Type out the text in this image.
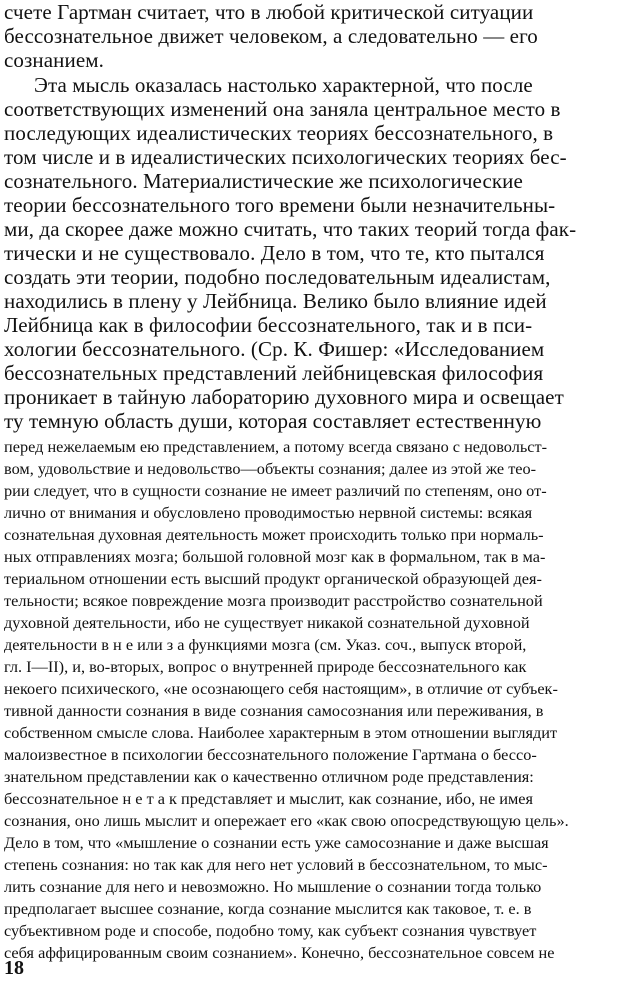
счете Гартман считает, что в любой критической ситуации
бессознательное движет человеком, а следовательно — его
сознанием.
Эта мысль оказалась настолько характерной, что после
соответствующих изменений она заняла центральное место в
последующих идеалистических теориях бессознательного, в
том числе и в идеалистических психологических теориях бес-
сознательного. Материалистические же психологические
теории бессознательного того времени были незначительны-
ми, да скорее даже можно считать, что таких теорий тогда фак-
тически и не существовало. Дело в том, что те, кто пытался
создать эти теории, подобно последовательным идеалистам,
находились в плену у Лейбница. Велико было влияние идей
Лейбница как в философии бессознательного, так и в пси-
хологии бессознательного. (Ср. К. Фишер: «Исследованием
бессознательных представлений лейбницевская философия
проникает в тайную лабораторию духовного мира и освещает
ту темную область души, которая составляет естественную
перед нежелаемым ею представлением, а потому всегда связано с недовольст-
вом, удовольствие и недовольство—объекты сознания; далее из этой же тео-
рии следует, что в сущности сознание не имеет различий по степеням, оно от-
лично от внимания и обусловлено проводимостью нервной системы: всякая
сознательная духовная деятельность может происходить только при нормаль-
ных отправлениях мозга; большой головной мозг как в формальном, так в ма-
териальном отношении есть высший продукт органической образующей дея-
тельности; всякое повреждение мозга производит расстройство сознательной
духовной деятельности, ибо не существует никакой сознательной духовной
деятельности в н е или з а функциями мозга (см. Указ. соч., выпуск второй,
гл. I—II), и, во-вторых, вопрос о внутренней природе бессознательного как
некоего психического, «не осознающего себя настоящим», в отличие от субъек-
тивной данности сознания в виде сознания самосознания или переживания, в
собственном смысле слова. Наиболее характерным в этом отношении выглядит
малоизвестное в психологии бессознательного положение Гартмана о бессо-
знательном представлении как о качественно отличном роде представления:
бессознательное н е т а к представляет и мыслит, как сознание, ибо, не имея
сознания, оно лишь мыслит и опережает его «как свою опосредствующую цель».
Дело в том, что «мышление о сознании есть уже самосознание и даже высшая
степень сознания: но так как для него нет условий в бессознательном, то мыс-
лить сознание для него и невозможно. Но мышление о сознании тогда только
предполагает высшее сознание, когда сознание мыслится как таковое, т. е. в
субъективном роде и способе, подобно тому, как субъект сознания чувствует
себя аффицированным своим сознанием». Конечно, бессознательное совсем не
18
